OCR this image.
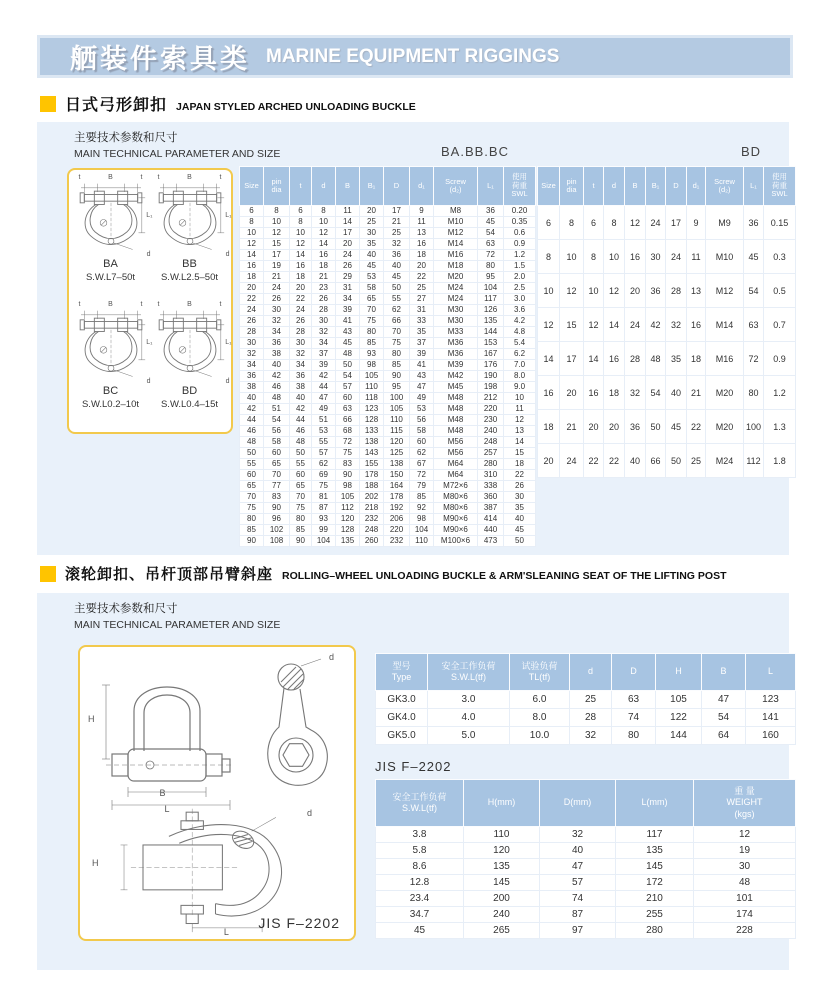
舾装件索具类 MARINE EQUIPMENT RIGGINGS
日式弓形卸扣 JAPAN STYLED ARCHED UNLOADING BUCKLE
主要技术参数和尺寸
MAIN TECHNICAL PARAMETER AND SIZE	BA.BB.BC	BD
t	B	t
L₁
d
BA
S.W.L7–50t
t	B	t
L₁
d
BB
S.W.L2.5–50t
t	B	t
L₁
d
BC
S.W.L0.2–10t
t	B	t
L₁
d
BD
S.W.L0.4–15t
Size	pin
dia	t	d	B	B₁	D	d₁	Screw
(d₂)	L₁

使用
荷重
SWL

6	8	6	8	11	20	17	9	M8	36	0.20
8	10	8	10	14	25	21	11	M10	45	0.35
10	12	10	12	17	30	25	13	M12	54	0.6
12	15	12	14	20	35	32	16	M14	63	0.9
14	17	14	16	24	40	36	18	M16	72	1.2
16	19	16	18	26	45	40	20	M18	80	1.5
18	21	18	21	29	53	45	22	M20	95	2.0
20	24	20	23	31	58	50	25	M24	104	2.5
22	26	22	26	34	65	55	27	M24	117	3.0
24	30	24	28	39	70	62	31	M30	126	3.6
26	32	26	30	41	75	66	33	M30	135	4.2
28	34	28	32	43	80	70	35	M33	144	4.8
30	36	30	34	45	85	75	37	M36	153	5.4
32	38	32	37	48	93	80	39	M36	167	6.2
34	40	34	39	50	98	85	41	M39	176	7.0
36	42	36	42	54	105	90	43	M42	190	8.0
38	46	38	44	57	110	95	47	M45	198	9.0
40	48	40	47	60	118	100	49	M48	212	10
42	51	42	49	63	123	105	53	M48	220	11
44	54	44	51	66	128	110	56	M48	230	12
46	56	46	53	68	133	115	58	M48	240	13
48	58	48	55	72	138	120	60	M56	248	14
50	60	50	57	75	143	125	62	M56	257	15
55	65	55	62	83	155	138	67	M64	280	18
60	70	60	69	90	178	150	72	M64	310	22
65	77	65	75	98	188	164	79	M72×6	338	26
70	83	70	81	105	202	178	85	M80×6	360	30
75	90	75	87	112	218	192	92	M80×6	387	35
80	96	80	93	120	232	206	98	M90×6	414	40
85	102	85	99	128	248	220	104	M90×6	440	45
90	108	90	104	135	260	232	110	M100×6	473	50
Size	pin
dia	t	d	B	B₁	D	d₁	Screw
(d₂)	L₁

使用
荷重
SWL

6	8	6	8	12	24	17	9	M9	36	0.15
8	10	8	10	16	30	24	11	M10	45	0.3
10	12	10	12	20	36	28	13	M12	54	0.5
12	15	12	14	24	42	32	16	M14	63	0.7
14	17	14	16	28	48	35	18	M16	72	0.9
16	20	16	18	32	54	40	21	M20	80	1.2
18	21	20	20	36	50	45	22	M20	100	1.3
20	24	22	22	40	66	50	25	M24	112	1.8
滚轮卸扣、吊杆顶部吊臂斜座 ROLLING–WHEEL UNLOADING BUCKLE & ARM'SLEANING SEAT OF THE LIFTING POST
主要技术参数和尺寸
MAIN TECHNICAL PARAMETER AND SIZE
H
B
L
d
H
L
d
JIS F–2202
型号
Type

安全工作负荷
S.W.L(tf)

试验负荷
TL(tf)

d	D	H	B	L

GK3.0	3.0	6.0	25	63	105	47	123
GK4.0	4.0	8.0	28	74	122	54	141
GK5.0	5.0	10.0	32	80	144	64	160
JIS F–2202
安全工作负荷
S.W.L(tf)

H(mm)	D(mm)	L(mm)

重 量
WEIGHT
(kgs)

3.8	110	32	117	12
5.8	120	40	135	19
8.6	135	47	145	30
12.8	145	57	172	48
23.4	200	74	210	101
34.7	240	87	255	174
45	265	97	280	228
